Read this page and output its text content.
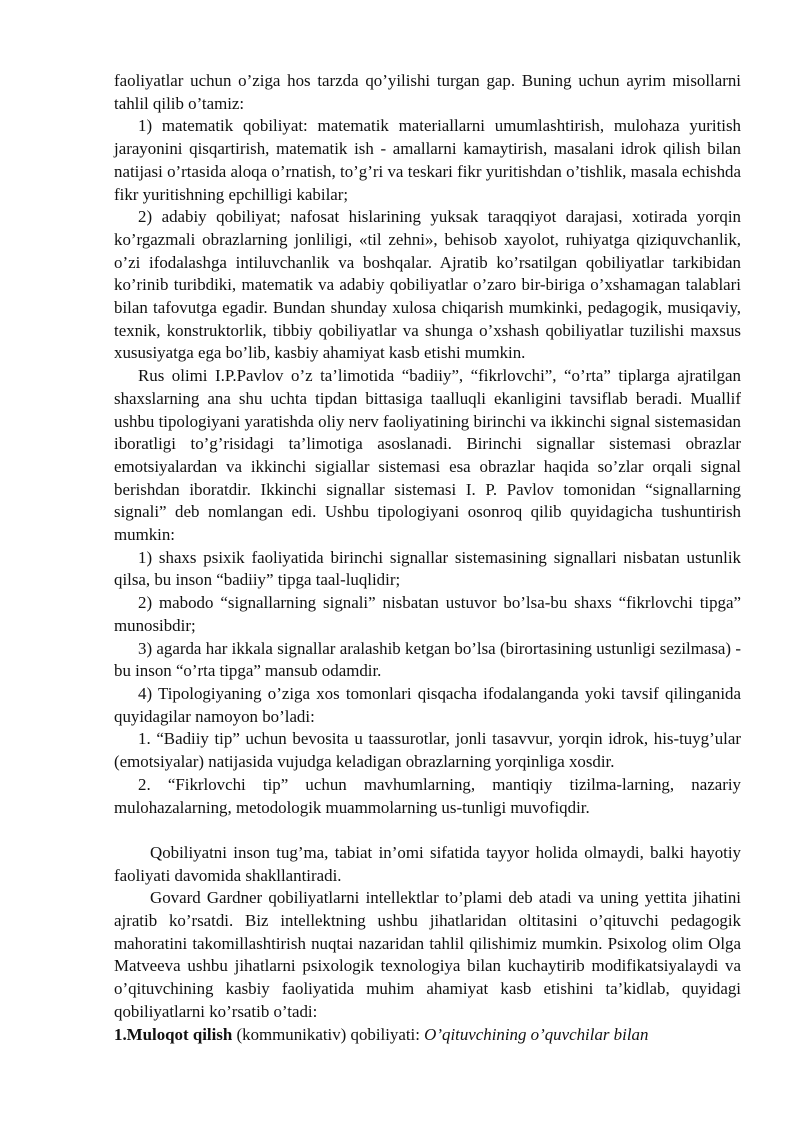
faoliyatlar uchun o’ziga hos tarzda qo’yilishi turgan gap. Buning uchun ayrim misollarni tahlil qilib o’tamiz:

1) matematik qobiliyat: matematik materiallarni umumlashtirish, mulohaza yuritish jarayonini qisqartirish, matematik ish - amallarni kamaytirish, masalani idrok qilish bilan natijasi o’rtasida aloqa o’rnatish, to’g’ri va teskari fikr yuritishdan o’tishlik, masala echishda fikr yuritishning epchilligi kabilar;

2) adabiy qobiliyat; nafosat hislarining yuksak taraqqiyot darajasi, xotirada yorqin ko’rgazmali obrazlarning jonliligi, «til zehni», behisob xayolot, ruhiyatga qiziquvchanlik, o’zi ifodalashga intiluvchanlik va boshqalar. Ajratib ko’rsatilgan qobiliyatlar tarkibidan ko’rinib turibdiki, matematik va adabiy qobiliyatlar o’zaro bir-biriga o’xshamagan talablari bilan tafovutga egadir. Bundan shunday xulosa chiqarish mumkinki, pedagogik, musiqaviy, texnik, konstruktorlik, tibbiy qobiliyatlar va shunga o’xshash qobiliyatlar tuzilishi maxsus xususiyatga ega bo’lib, kasbiy ahamiyat kasb etishi mumkin.

Rus olimi I.P.Pavlov o’z ta’limotida “badiiy”, “fikrlovchi”, “o’rta” tiplarga ajratilgan shaxslarning ana shu uchta tipdan bittasiga taalluqli ekanligini tavsiflab beradi. Muallif ushbu tipologiyani yaratishda oliy nerv faoliyatining birinchi va ikkinchi signal sistemasidan iboratligi to’g’risidagi ta’limotiga asoslanadi. Birinchi signallar sistemasi obrazlar emotsiyalardan va ikkinchi sigiallar sistemasi esa obrazlar haqida so’zlar orqali signal berishdan iboratdir. Ikkinchi signallar sistemasi I. P. Pavlov tomonidan “signallarning signali” deb nomlangan edi. Ushbu tipologiyani osonroq qilib quyidagicha tushuntirish mumkin:

1) shaxs psixik faoliyatida birinchi signallar sistemasining signallari nisbatan ustunlik qilsa, bu inson “badiiy” tipga taal-luqlidir;

2) mabodo “signallarning signali” nisbatan ustuvor bo’lsa-bu shaxs “fikrlovchi tipga” munosibdir;

3) agarda har ikkala signallar aralashib ketgan bo’lsa (birortasining ustunligi sezilmasa) - bu inson “o’rta tipga” mansub odamdir.

4) Tipologiyaning o’ziga xos tomonlari qisqacha ifodalanganda yoki tavsif qilinganida quyidagilar namoyon bo’ladi:

1. “Badiiy tip” uchun bevosita u taassurotlar, jonli tasavvur, yorqin idrok, his-tuyg’ular (emotsiyalar) natijasida vujudga keladigan obrazlarning yorqinliga xosdir.

2. “Fikrlovchi tip” uchun mavhumlarning, mantiqiy tizilma-larning, nazariy mulohazalarning, metodologik muammolarning us-tunligi muvofiqdir.

Qobiliyatni inson tug’ma, tabiat in’omi sifatida tayyor holida olmaydi, balki hayotiy faoliyati davomida shakllantiradi.

Govard Gardner qobiliyatlarni intellektlar to’plami deb atadi va uning yettita jihatini ajratib ko’rsatdi. Biz intellektning ushbu jihatlaridan oltitasini o’qituvchi pedagogik mahoratini takomillashtirish nuqtai nazaridan tahlil qilishimiz mumkin. Psixolog olim Olga Matveeva ushbu jihatlarni psixologik texnologiya bilan kuchaytirib modifikatsiyalaydi va o’qituvchining kasbiy faoliyatida muhim ahamiyat kasb etishini ta’kidlab, quyidagi qobiliyatlarni ko’rsatib o’tadi:

1.Muloqot qilish (kommunikativ) qobiliyati: O’qituvchining o’quvchilar bilan
